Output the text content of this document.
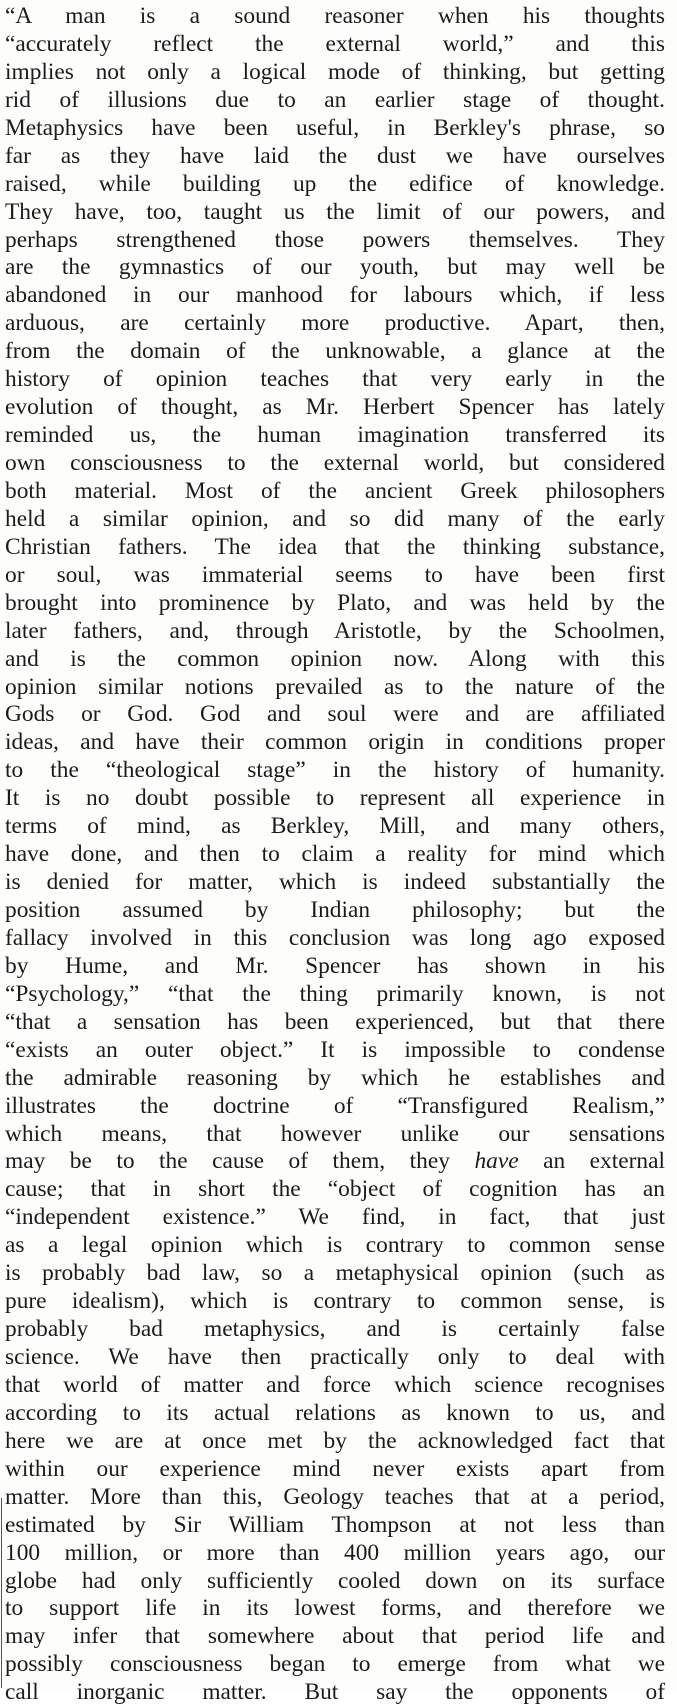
“A man is a sound reasoner when his thoughts
“accurately reflect the external world,” and this
implies not only a logical mode of thinking, but getting
rid of illusions due to an earlier stage of thought.
Metaphysics have been useful, in Berkley's phrase, so
far as they have laid the dust we have ourselves
raised, while building up the edifice of knowledge.
They have, too, taught us the limit of our powers, and
perhaps strengthened those powers themselves. They
are the gymnastics of our youth, but may well be
abandoned in our manhood for labours which, if less
arduous, are certainly more productive. Apart, then,
from the domain of the unknowable, a glance at the
history of opinion teaches that very early in the
evolution of thought, as Mr. Herbert Spencer has lately
reminded us, the human imagination transferred its
own consciousness to the external world, but considered
both material. Most of the ancient Greek philosophers
held a similar opinion, and so did many of the early
Christian fathers. The idea that the thinking substance,
or soul, was immaterial seems to have been first
brought into prominence by Plato, and was held by the
later fathers, and, through Aristotle, by the Schoolmen,
and is the common opinion now. Along with this
opinion similar notions prevailed as to the nature of the
Gods or God. God and soul were and are affiliated
ideas, and have their common origin in conditions proper
to the “theological stage” in the history of humanity.
It is no doubt possible to represent all experience in
terms of mind, as Berkley, Mill, and many others,
have done, and then to claim a reality for mind which
is denied for matter, which is indeed substantially the
position assumed by Indian philosophy; but the
fallacy involved in this conclusion was long ago exposed
by Hume, and Mr. Spencer has shown in his
“Psychology,” “that the thing primarily known, is not
“that a sensation has been experienced, but that there
“exists an outer object.” It is impossible to condense
the admirable reasoning by which he establishes and
illustrates the doctrine of “Transfigured Realism,”
which means, that however unlike our sensations
may be to the cause of them, they have an external
cause; that in short the “object of cognition has an
“independent existence.” We find, in fact, that just
as a legal opinion which is contrary to common sense
is probably bad law, so a metaphysical opinion (such as
pure idealism), which is contrary to common sense, is
probably bad metaphysics, and is certainly false
science. We have then practically only to deal with
that world of matter and force which science recognises
according to its actual relations as known to us, and
here we are at once met by the acknowledged fact that
within our experience mind never exists apart from
matter. More than this, Geology teaches that at a period,
estimated by Sir William Thompson at not less than
100 million, or more than 400 million years ago, our
globe had only sufficiently cooled down on its surface
to support life in its lowest forms, and therefore we
may infer that somewhere about that period life and
possibly consciousness began to emerge from what we
call inorganic matter. But say the opponents of
